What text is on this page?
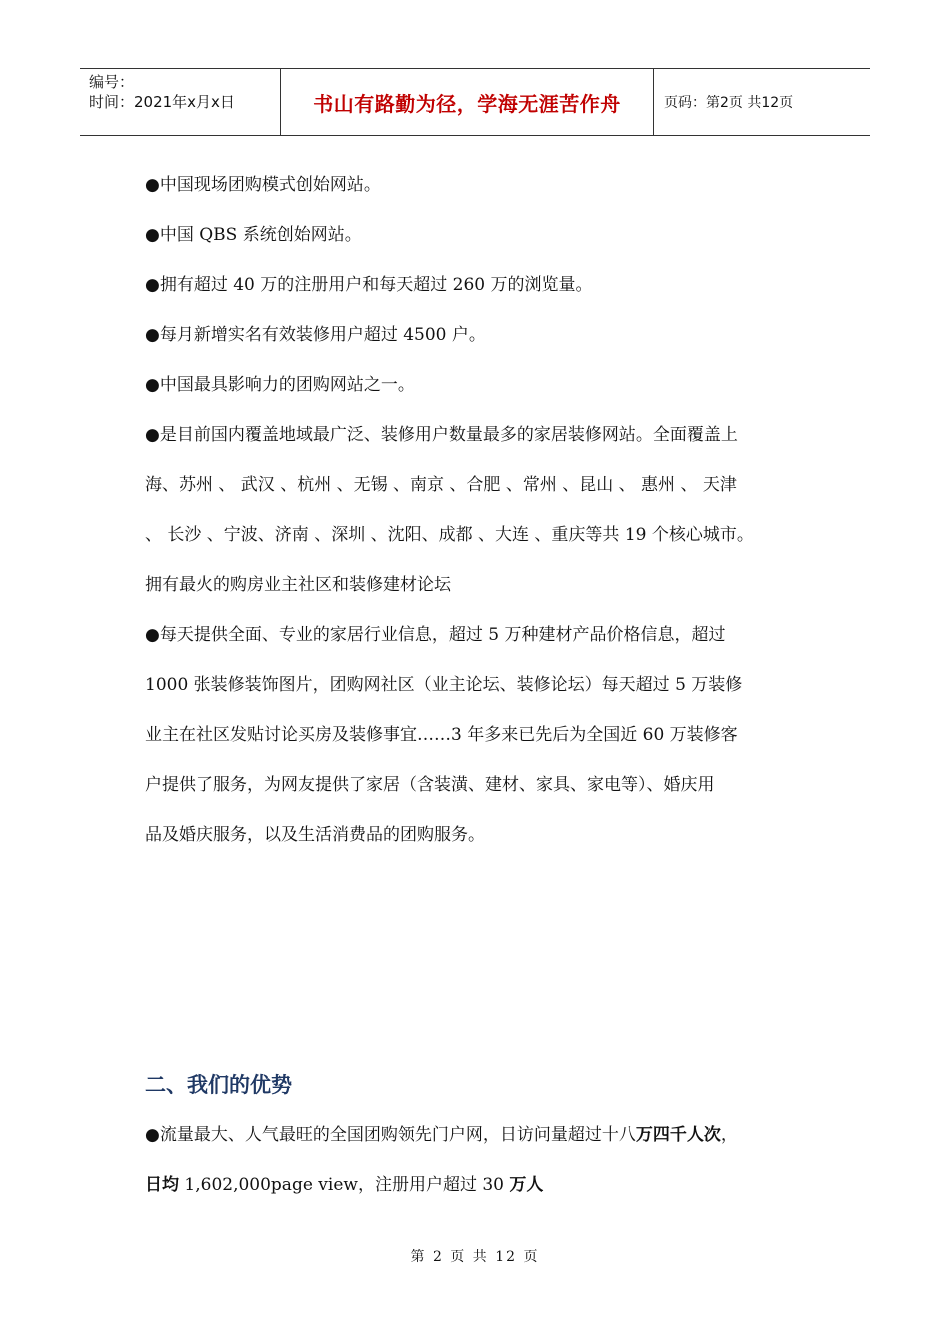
编号：
时间：2021年x月x日	书山有路勤为径，学海无涯苦作舟	页码：第2页 共12页
●中国现场团购模式创始网站。
●中国 QBS 系统创始网站。
●拥有超过 40 万的注册用户和每天超过 260 万的浏览量。
●每月新增实名有效装修用户超过 4500 户。
●中国最具影响力的团购网站之一。
●是目前国内覆盖地域最广泛、装修用户数量最多的家居装修网站。全面覆盖上
海、苏州 、 武汉 、杭州 、无锡 、南京 、合肥 、常州 、昆山 、 惠州 、 天津
、 长沙 、宁波、济南 、深圳 、沈阳、成都 、大连 、重庆等共 19 个核心城市。
拥有最火的购房业主社区和装修建材论坛
●每天提供全面、专业的家居行业信息，超过 5 万种建材产品价格信息，超过
1000 张装修装饰图片，团购网社区（业主论坛、装修论坛）每天超过 5 万装修
业主在社区发贴讨论买房及装修事宜……3 年多来已先后为全国近 60 万装修客
户提供了服务，为网友提供了家居（含装潢、建材、家具、家电等）、婚庆用
品及婚庆服务，以及生活消费品的团购服务。
二、我们的优势
●流量最大、人气最旺的全国团购领先门户网，日访问量超过十八万四千人次，
日均 1,602,000page view，注册用户超过 30 万人
第 2 页 共 12 页
